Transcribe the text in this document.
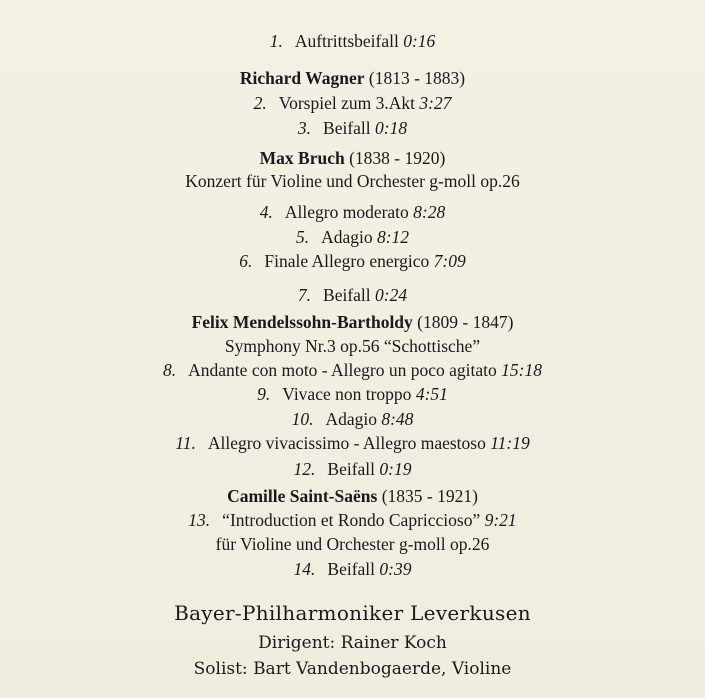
1. Auftrittsbeifall 0:16
Richard Wagner (1813 - 1883)
2. Vorspiel zum 3.Akt 3:27
3. Beifall 0:18
Max Bruch (1838 - 1920)
Konzert für Violine und Orchester g-moll op.26
4. Allegro moderato 8:28
5. Adagio 8:12
6. Finale Allegro energico 7:09
7. Beifall 0:24
Felix Mendelssohn-Bartholdy (1809 - 1847)
Symphony Nr.3 op.56 “Schottische”
8. Andante con moto - Allegro un poco agitato 15:18
9. Vivace non troppo 4:51
10. Adagio 8:48
11. Allegro vivacissimo - Allegro maestoso 11:19
12. Beifall 0:19
Camille Saint-Saëns (1835 - 1921)
13. “Introduction et Rondo Capriccioso” 9:21
für Violine und Orchester g-moll op.26
14. Beifall 0:39
Bayer-Philharmoniker Leverkusen
Dirigent: Rainer Koch
Solist: Bart Vandenbogaerde, Violine
